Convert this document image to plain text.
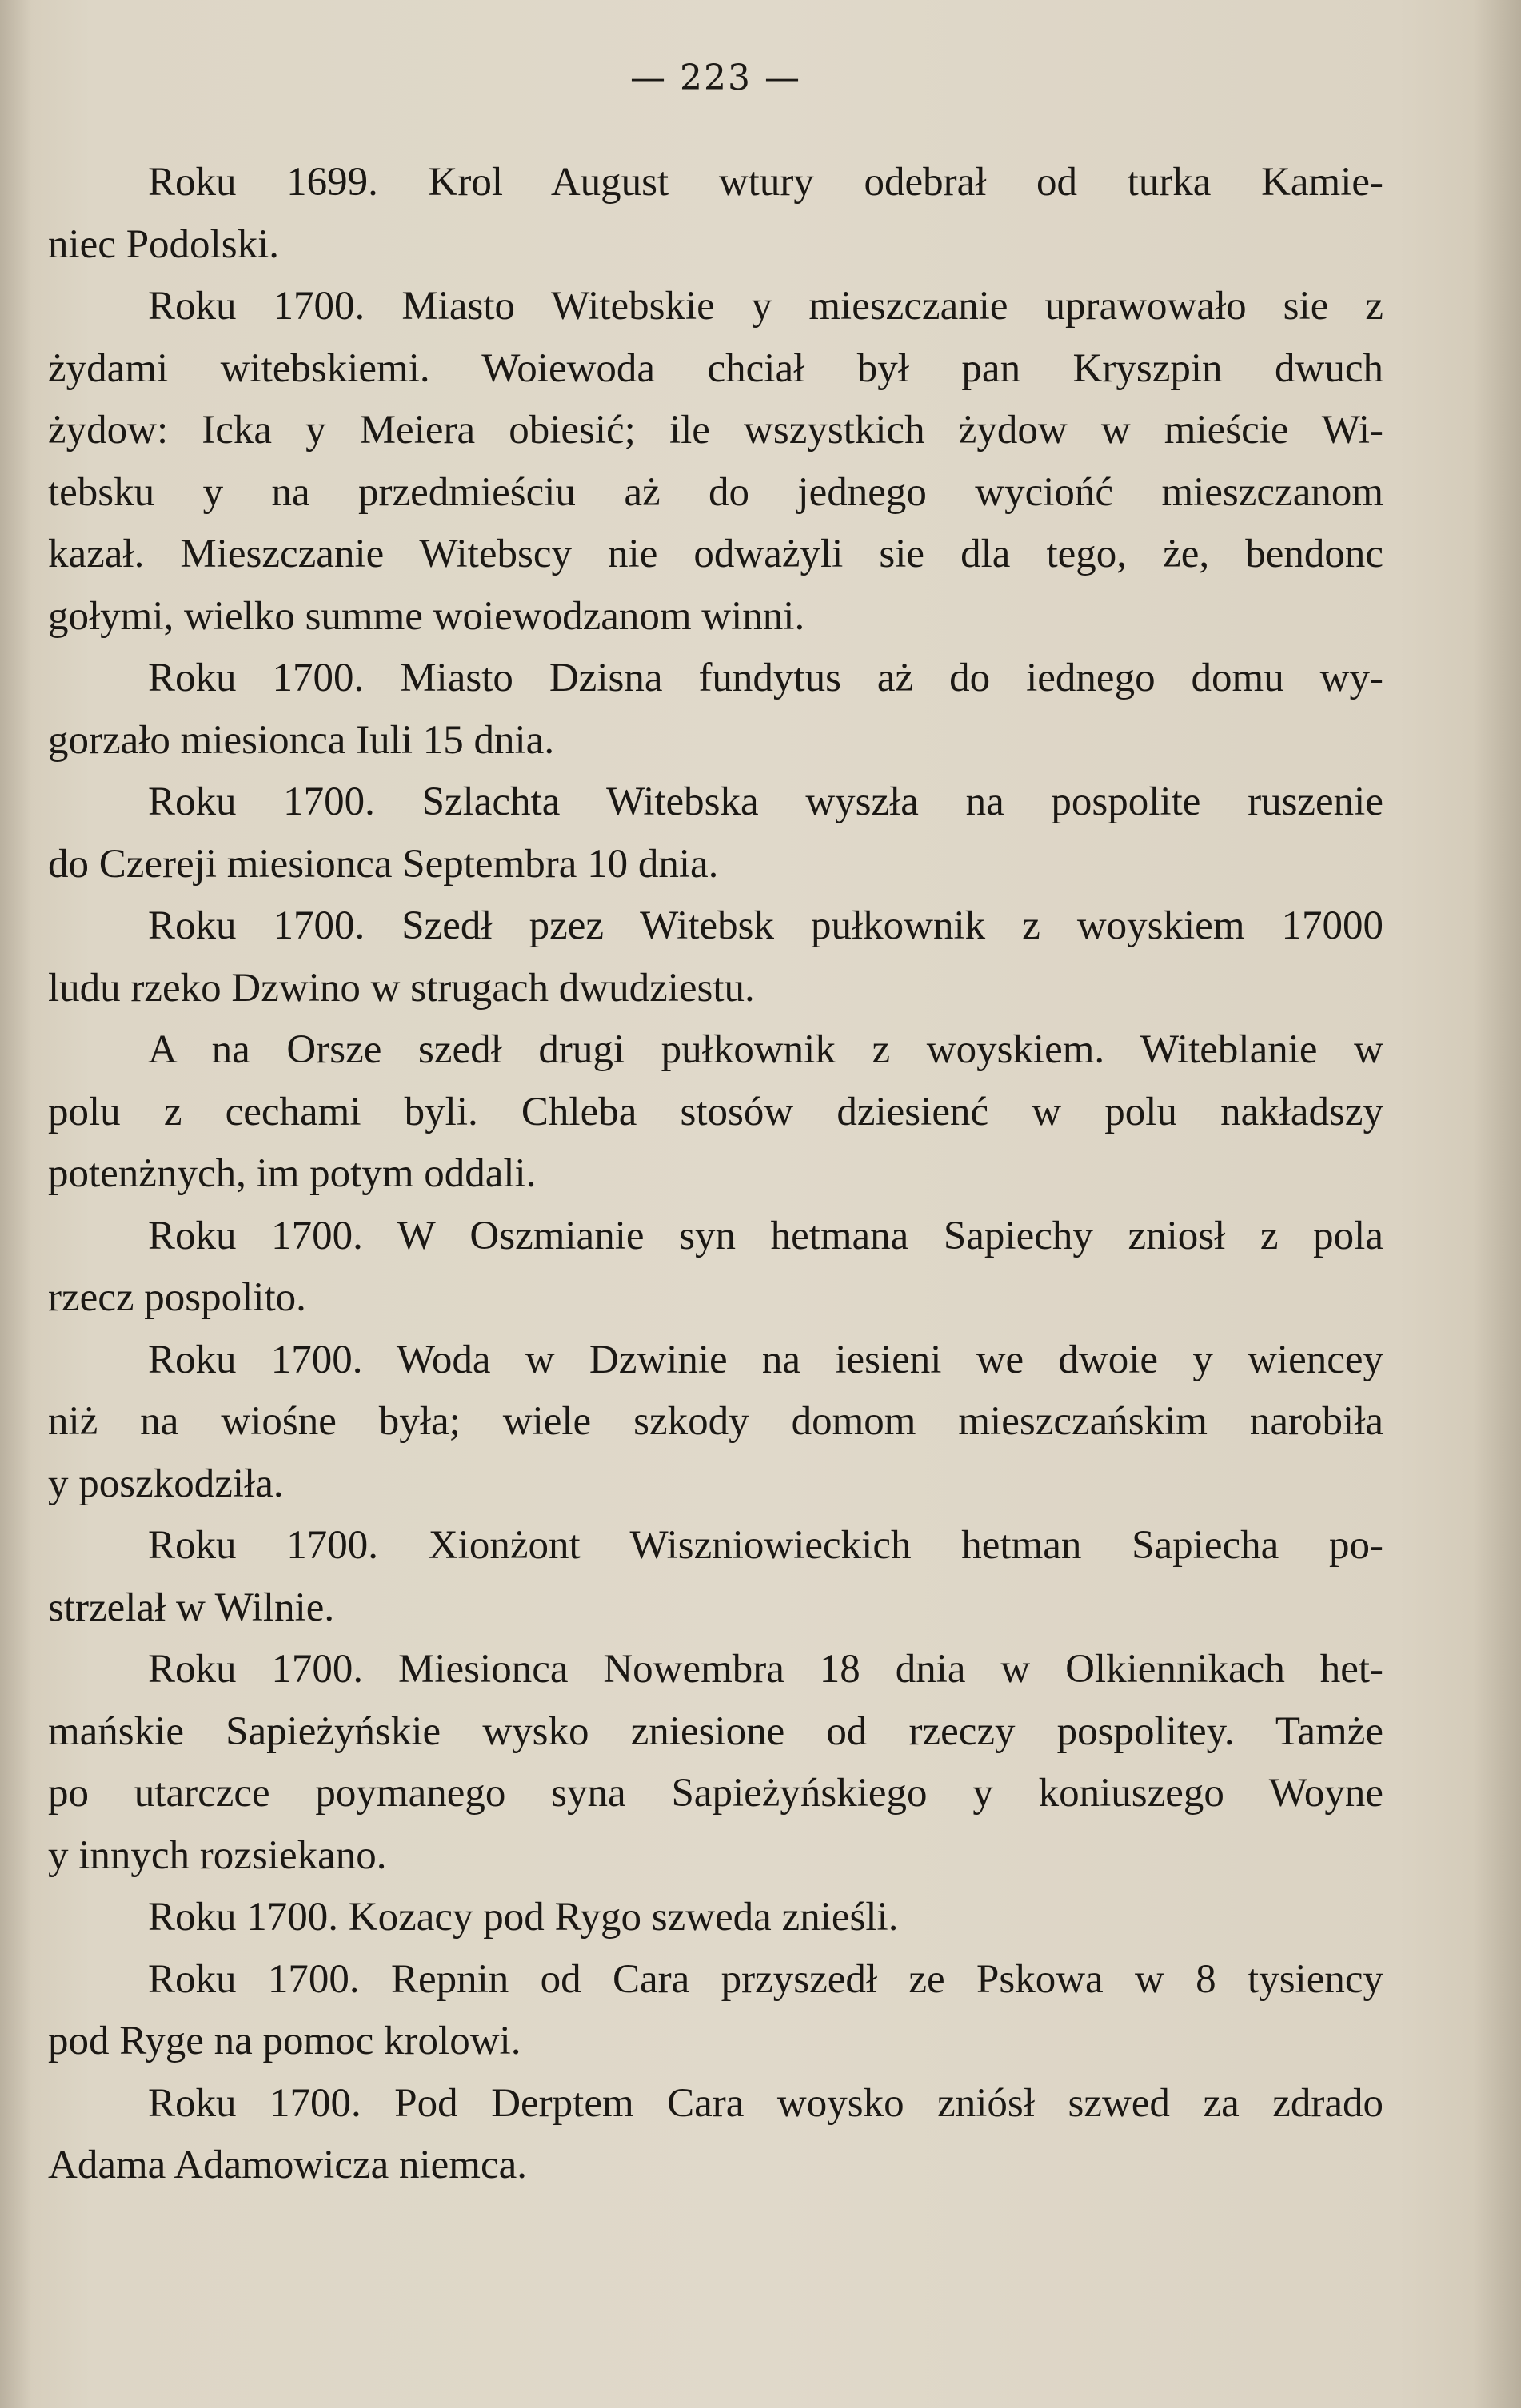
— 223 —
Roku 1699. Krol August wtury odebrał od turka Kamie-
niec Podolski.
Roku 1700. Miasto Witebskie y mieszczanie uprawowało sie z
żydami witebskiemi. Woiewoda chciał był pan Kryszpin dwuch
żydow: Icka y Meiera obiesić; ile wszystkich żydow w mieście Wi-
tebsku y na przedmieściu aż do jednego wyciońć mieszczanom
kazał. Mieszczanie Witebscy nie odważyli sie dla tego, że, bendonc
gołymi, wielko summe woiewodzanom winni.
Roku 1700. Miasto Dzisna fundytus aż do iednego domu wy-
gorzało miesionca Iuli 15 dnia.
Roku 1700. Szlachta Witebska wyszła na pospolite ruszenie
do Czereji miesionca Septembra 10 dnia.
Roku 1700. Szedł pzez Witebsk pułkownik z woyskiem 17000
ludu rzeko Dzwino w strugach dwudziestu.
A na Orsze szedł drugi pułkownik z woyskiem. Witeblanie w
polu z cechami byli. Chleba stosów dziesienć w polu nakładszy
potenżnych, im potym oddali.
Roku 1700. W Oszmianie syn hetmana Sapiechy zniosł z pola
rzecz pospolito.
Roku 1700. Woda w Dzwinie na iesieni we dwoie y wiencey
niż na wiośne była; wiele szkody domom mieszczańskim narobiła
y poszkodziła.
Roku 1700. Xionżont Wiszniowieckich hetman Sapiecha po-
strzelał w Wilnie.
Roku 1700. Miesionca Nowembra 18 dnia w Olkiennikach het-
mańskie Sapieżyńskie wysko zniesione od rzeczy pospolitey. Tamże
po utarczce poymanego syna Sapieżyńskiego y koniuszego Woyne
y innych rozsiekano.
Roku 1700. Kozacy pod Rygo szweda znieśli.
Roku 1700. Repnin od Cara przyszedł ze Pskowa w 8 tysiency
pod Ryge na pomoc krolowi.
Roku 1700. Pod Derptem Cara woysko zniósł szwed za zdrado
Adama Adamowicza niemca.
